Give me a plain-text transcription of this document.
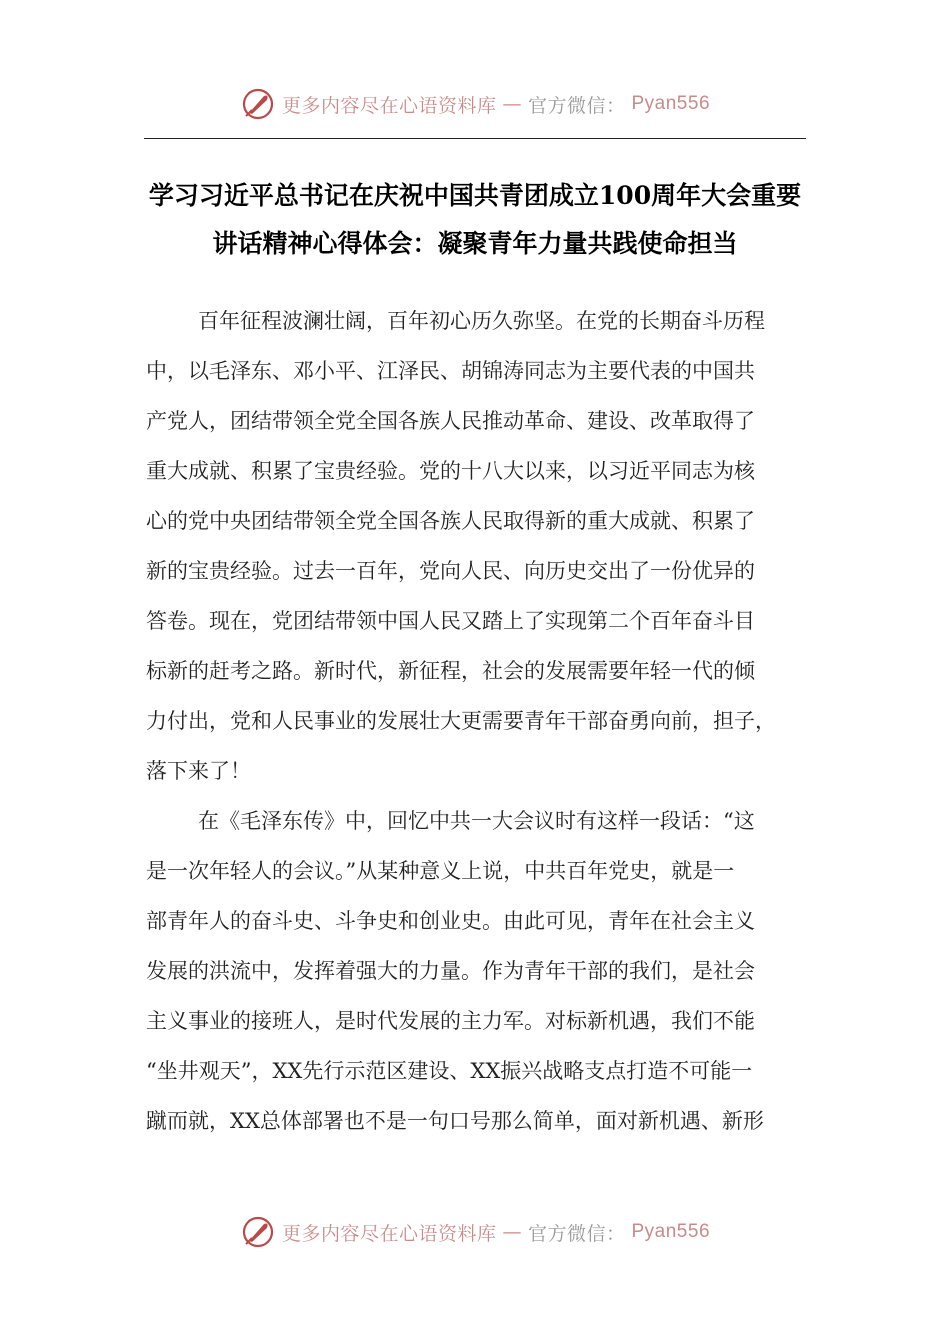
更多内容尽在心语资料库 — 官方微信： Pyan556
学习习近平总书记在庆祝中国共青团成立100周年大会重要
讲话精神心得体会：凝聚青年力量共践使命担当
百年征程波澜壮阔，百年初心历久弥坚。在党的长期奋斗历程
中，以毛泽东、邓小平、江泽民、胡锦涛同志为主要代表的中国共
产党人，团结带领全党全国各族人民推动革命、建设、改革取得了
重大成就、积累了宝贵经验。党的十八大以来，以习近平同志为核
心的党中央团结带领全党全国各族人民取得新的重大成就、积累了
新的宝贵经验。过去一百年，党向人民、向历史交出了一份优异的
答卷。现在，党团结带领中国人民又踏上了实现第二个百年奋斗目
标新的赶考之路。新时代，新征程，社会的发展需要年轻一代的倾
力付出，党和人民事业的发展壮大更需要青年干部奋勇向前，担子，
落下来了！
在《毛泽东传》中，回忆中共一大会议时有这样一段话：“这
是一次年轻人的会议。”从某种意义上说，中共百年党史，就是一
部青年人的奋斗史、斗争史和创业史。由此可见，青年在社会主义
发展的洪流中，发挥着强大的力量。作为青年干部的我们，是社会
主义事业的接班人，是时代发展的主力军。对标新机遇，我们不能
“坐井观天”，XX先行示范区建设、XX振兴战略支点打造不可能一
蹴而就，XX总体部署也不是一句口号那么简单，面对新机遇、新形
更多内容尽在心语资料库 — 官方微信： Pyan556
